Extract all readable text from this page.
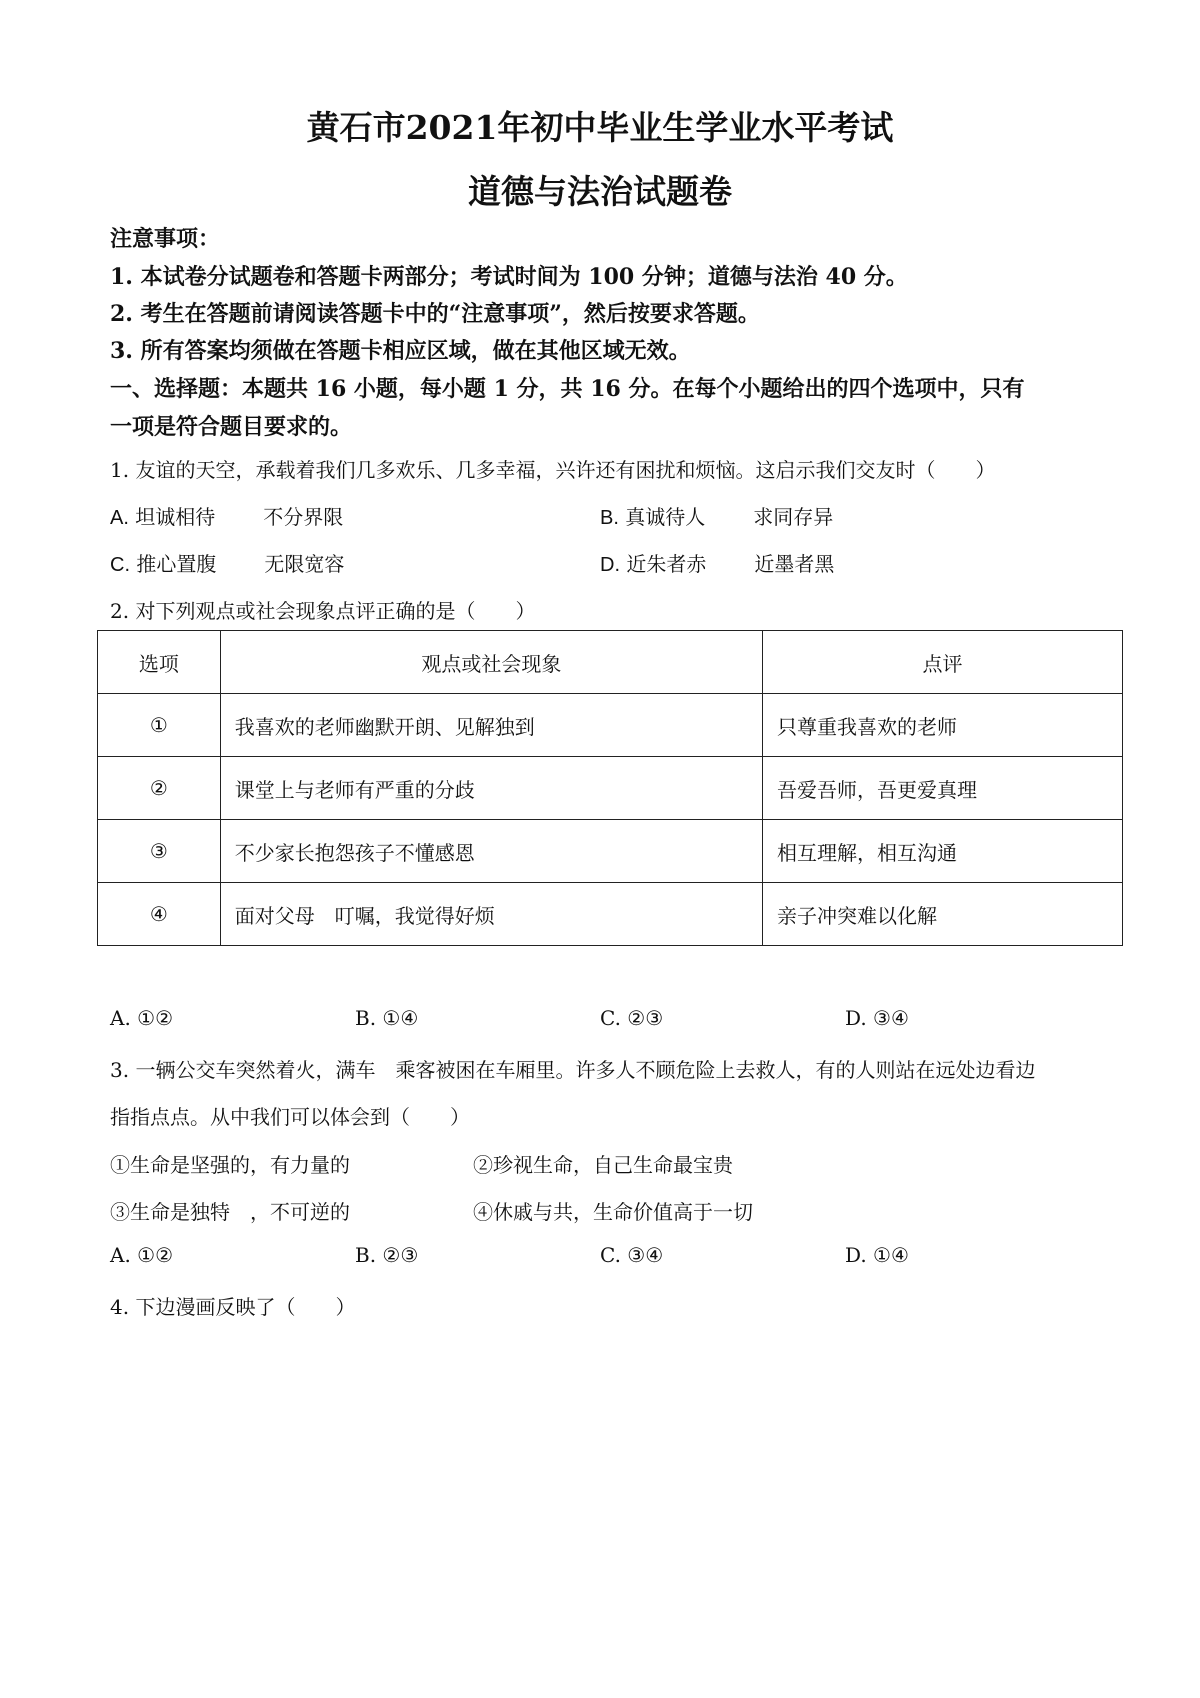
黄石市2021年初中毕业生学业水平考试
道德与法治试题卷
注意事项：
1. 本试卷分试题卷和答题卡两部分；考试时间为 100 分钟；道德与法治 40 分。
2. 考生在答题前请阅读答题卡中的“注意事项”，然后按要求答题。
3. 所有答案均须做在答题卡相应区域，做在其他区域无效。
一、选择题：本题共 16 小题，每小题 1 分，共 16 分。在每个小题给出的四个选项中，只有
一项是符合题目要求的。
1. 友谊的天空，承载着我们几多欢乐、几多幸福，兴许还有困扰和烦恼。这启示我们交友时（　　）
A. 坦诚相待 不分界限	B. 真诚待人 求同存异
C. 推心置腹 无限宽容	D. 近朱者赤 近墨者黑
2. 对下列观点或社会现象点评正确的是（　　）
选项	观点或社会现象	点评
①	我喜欢的老师幽默开朗、见解独到	只尊重我喜欢的老师
②	课堂上与老师有严重的分歧	吾爱吾师，吾更爱真理
③	不少家长抱怨孩子不懂感恩	相互理解，相互沟通
④	面对父母　叮嘱，我觉得好烦	亲子冲突难以化解
A. ①②	B. ①④	C. ②③	D. ③④
3. 一辆公交车突然着火，满车　乘客被困在车厢里。许多人不顾危险上去救人，有的人则站在远处边看边
指指点点。从中我们可以体会到（　　）
①生命是坚强的，有力量的	②珍视生命，自己生命最宝贵
③生命是独特　，不可逆的	④休戚与共，生命价值高于一切
A. ①②	B. ②③	C. ③④	D. ①④
4. 下边漫画反映了（　　）
